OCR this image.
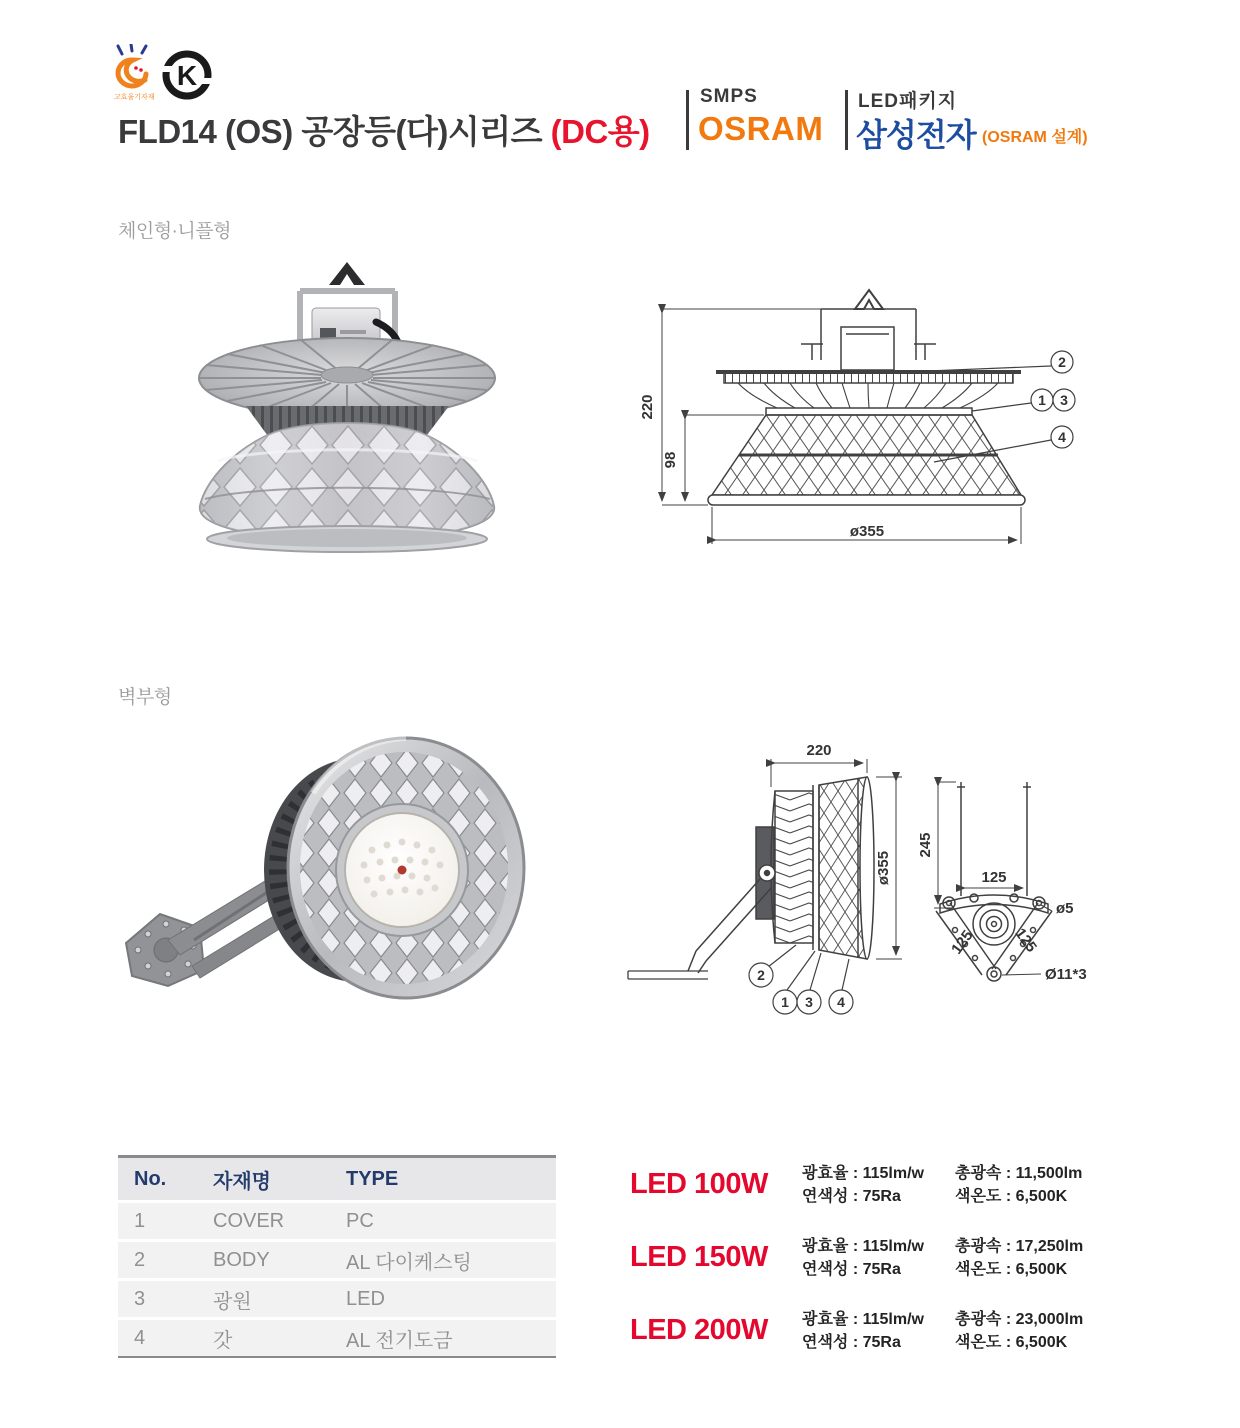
고효율기자재
K
FLD14 (OS) 공장등(다)시리즈 (DC용)
SMPS
OSRAM
LED패키지
삼성전자 (OSRAM 설계)
체인형·니플형
220
98
ø355
2
1 3
4
벽부형
220
ø355
2
1 3 4
245
125
ø5
125 125
Ø11*3
No.	자재명	TYPE
1	COVER	PC
2	BODY	AL 다이케스팅
3	광원	LED
4	갓	AL 전기도금
LED 100W	광효율 : 115lm/w
연색성 : 75Ra
총광속 : 11,500lm
색온도 : 6,500K
LED 150W	광효율 : 115lm/w
연색성 : 75Ra
총광속 : 17,250lm
색온도 : 6,500K
LED 200W	광효율 : 115lm/w
연색성 : 75Ra
총광속 : 23,000lm
색온도 : 6,500K
